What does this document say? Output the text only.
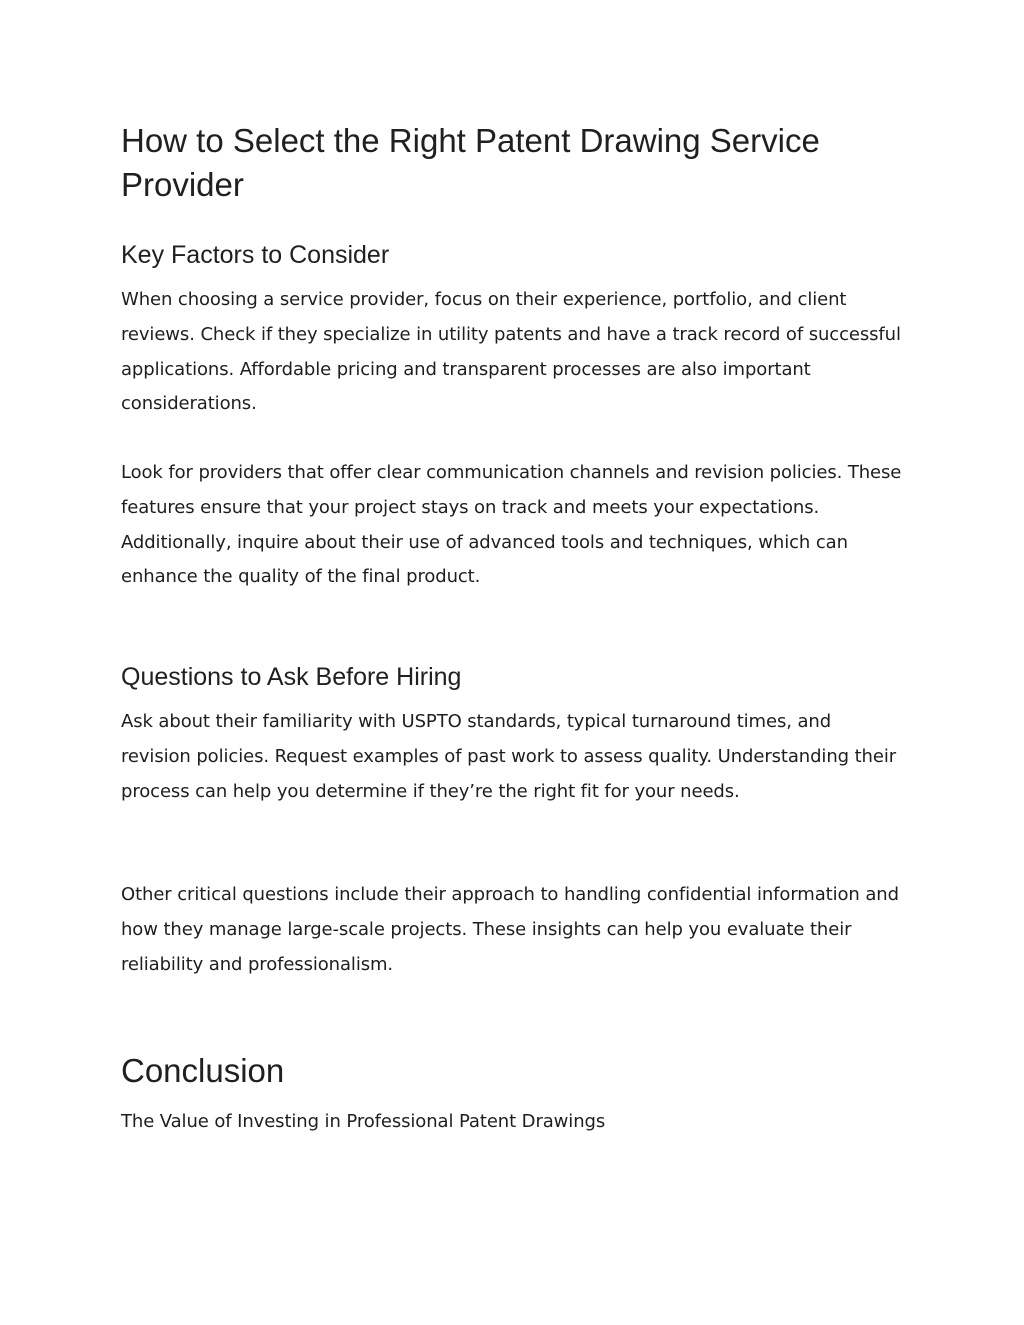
How to Select the Right Patent Drawing Service Provider
Key Factors to Consider

When choosing a service provider, focus on their experience, portfolio, and client reviews. Check if they specialize in utility patents and have a track record of successful applications. Affordable pricing and transparent processes are also important considerations.

Look for providers that offer clear communication channels and revision policies. These features ensure that your project stays on track and meets your expectations. Additionally, inquire about their use of advanced tools and techniques, which can enhance the quality of the final product.

Questions to Ask Before Hiring

Ask about their familiarity with USPTO standards, typical turnaround times, and revision policies. Request examples of past work to assess quality. Understanding their process can help you determine if they’re the right fit for your needs.

Other critical questions include their approach to handling confidential information and how they manage large-scale projects. These insights can help you evaluate their reliability and professionalism.

Conclusion

The Value of Investing in Professional Patent Drawings
